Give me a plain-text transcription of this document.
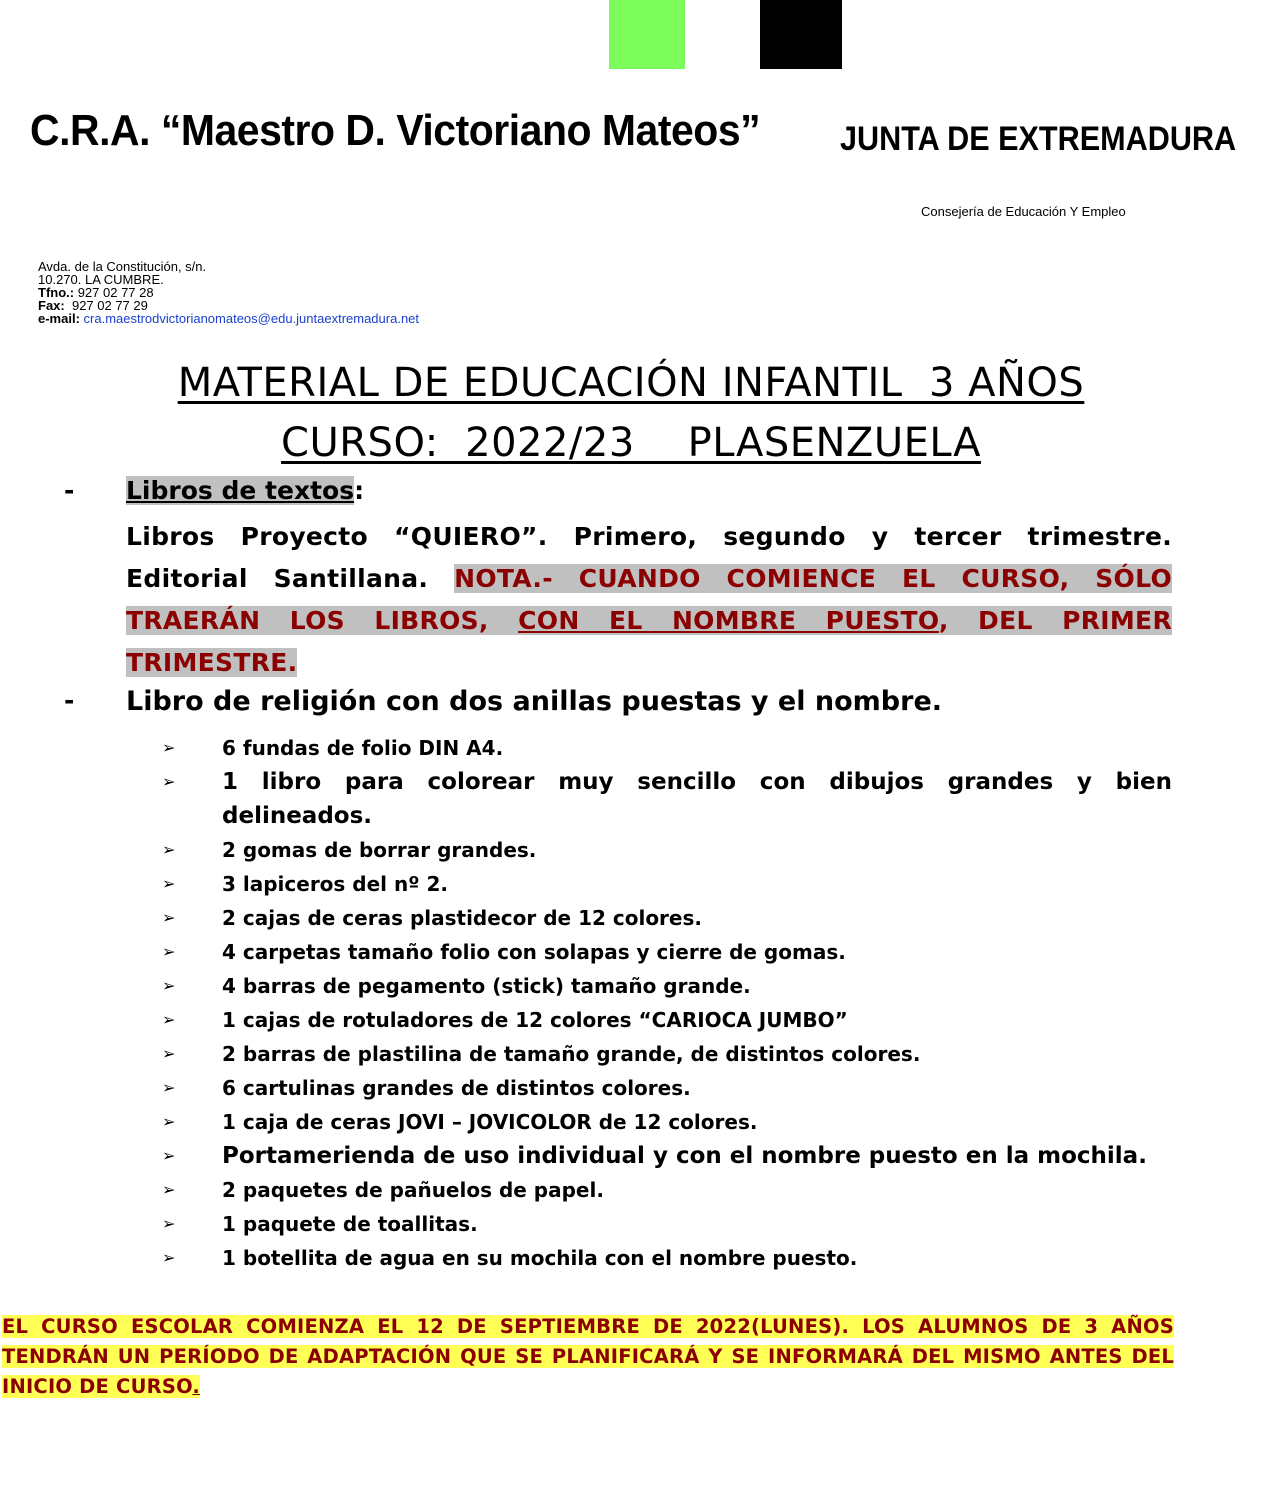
C.R.A. “Maestro D. Victoriano Mateos” JUNTA DE EXTREMADURA
Consejería de Educación Y Empleo
Avda. de la Constitución, s/n.
10.270. LA CUMBRE.
Tfno.: 927 02 77 28
Fax:  927 02 77 29
e-mail: cra.maestrodvictorianomateos@edu.juntaextremadura.net
MATERIAL DE EDUCACIÓN INFANTIL  3 AÑOS
CURSO:  2022/23    PLASENZUELA
- Libros de textos:
Libros Proyecto “QUIERO”. Primero, segundo y tercer trimestre. Editorial Santillana. NOTA.- CUANDO COMIENCE EL CURSO, SÓLO TRAERÁN LOS LIBROS, CON EL NOMBRE PUESTO, DEL PRIMER TRIMESTRE.
- Libro de religión con dos anillas puestas y el nombre.
➢ 6 fundas de folio DIN A4.
➢ 1 libro para colorear muy sencillo con dibujos grandes y bien delineados.
➢ 2 gomas de borrar grandes.
➢ 3 lapiceros del nº 2.
➢ 2 cajas de ceras plastidecor de 12 colores.
➢ 4 carpetas tamaño folio con solapas y cierre de gomas.
➢ 4 barras de pegamento (stick) tamaño grande.
➢ 1 cajas de rotuladores de 12 colores “CARIOCA JUMBO”
➢ 2 barras de plastilina de tamaño grande, de distintos colores.
➢ 6 cartulinas grandes de distintos colores.
➢ 1 caja de ceras JOVI – JOVICOLOR de 12 colores.
➢ Portamerienda de uso individual y con el nombre puesto en la mochila.
➢ 2 paquetes de pañuelos de papel.
➢ 1 paquete de toallitas.
➢ 1 botellita de agua en su mochila con el nombre puesto.
EL CURSO ESCOLAR COMIENZA EL 12 DE SEPTIEMBRE DE 2022(LUNES). LOS ALUMNOS DE 3 AÑOS TENDRÁN UN PERÍODO DE ADAPTACIÓN QUE SE PLANIFICARÁ Y SE INFORMARÁ DEL MISMO ANTES DEL INICIO DE CURSO.
